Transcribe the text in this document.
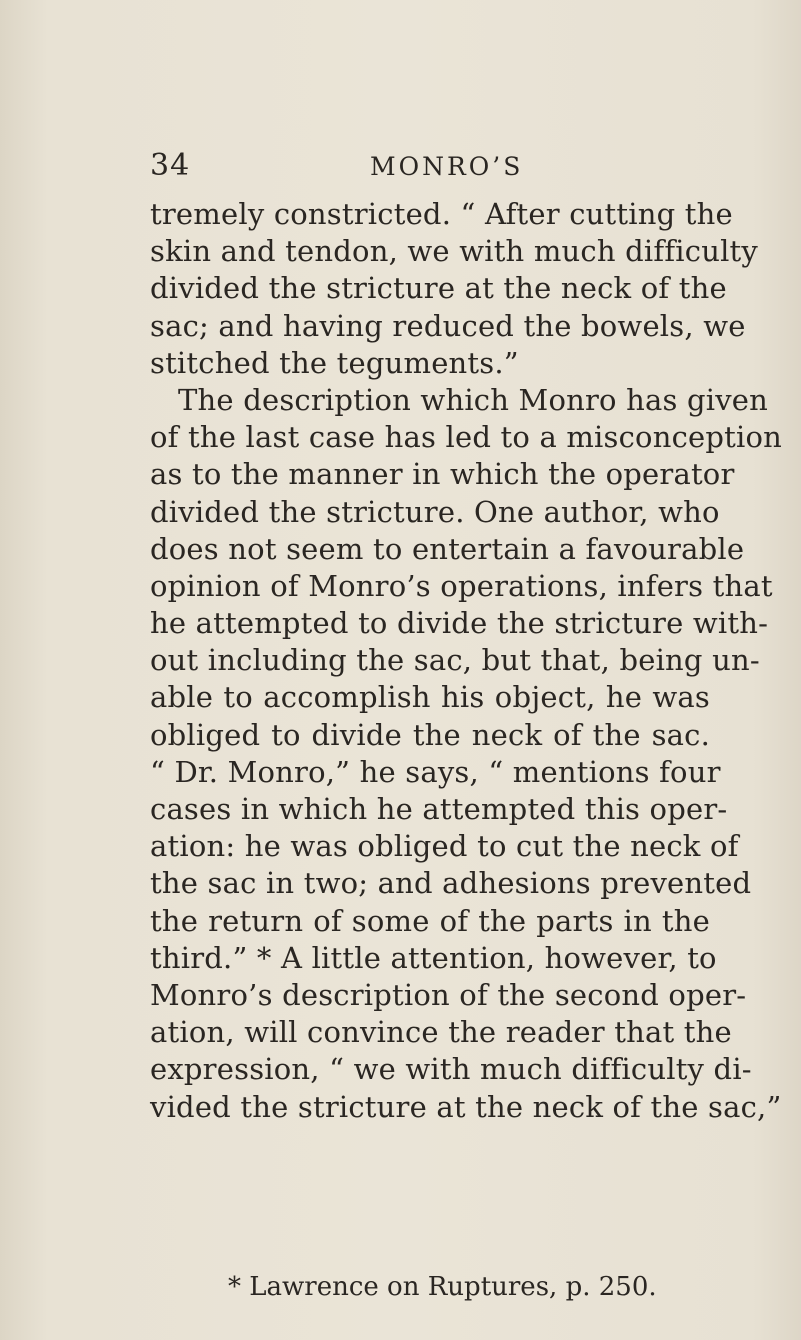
34	MONRO’S
tremely constricted. “ After cutting the
skin and tendon, we with much difficulty
divided the stricture at the neck of the
sac; and having reduced the bowels, we
stitched the teguments.”
The description which Monro has given
of the last case has led to a misconception
as to the manner in which the operator
divided the stricture. One author, who
does not seem to entertain a favourable
opinion of Monro’s operations, infers that
he attempted to divide the stricture with-
out including the sac, but that, being un-
able to accomplish his object, he was
obliged to divide the neck of the sac.
“ Dr. Monro,” he says, “ mentions four
cases in which he attempted this oper-
ation: he was obliged to cut the neck of
the sac in two; and adhesions prevented
the return of some of the parts in the
third.” * A little attention, however, to
Monro’s description of the second oper-
ation, will convince the reader that the
expression, “ we with much difficulty di-
vided the stricture at the neck of the sac,”
* Lawrence on Ruptures, p. 250.
